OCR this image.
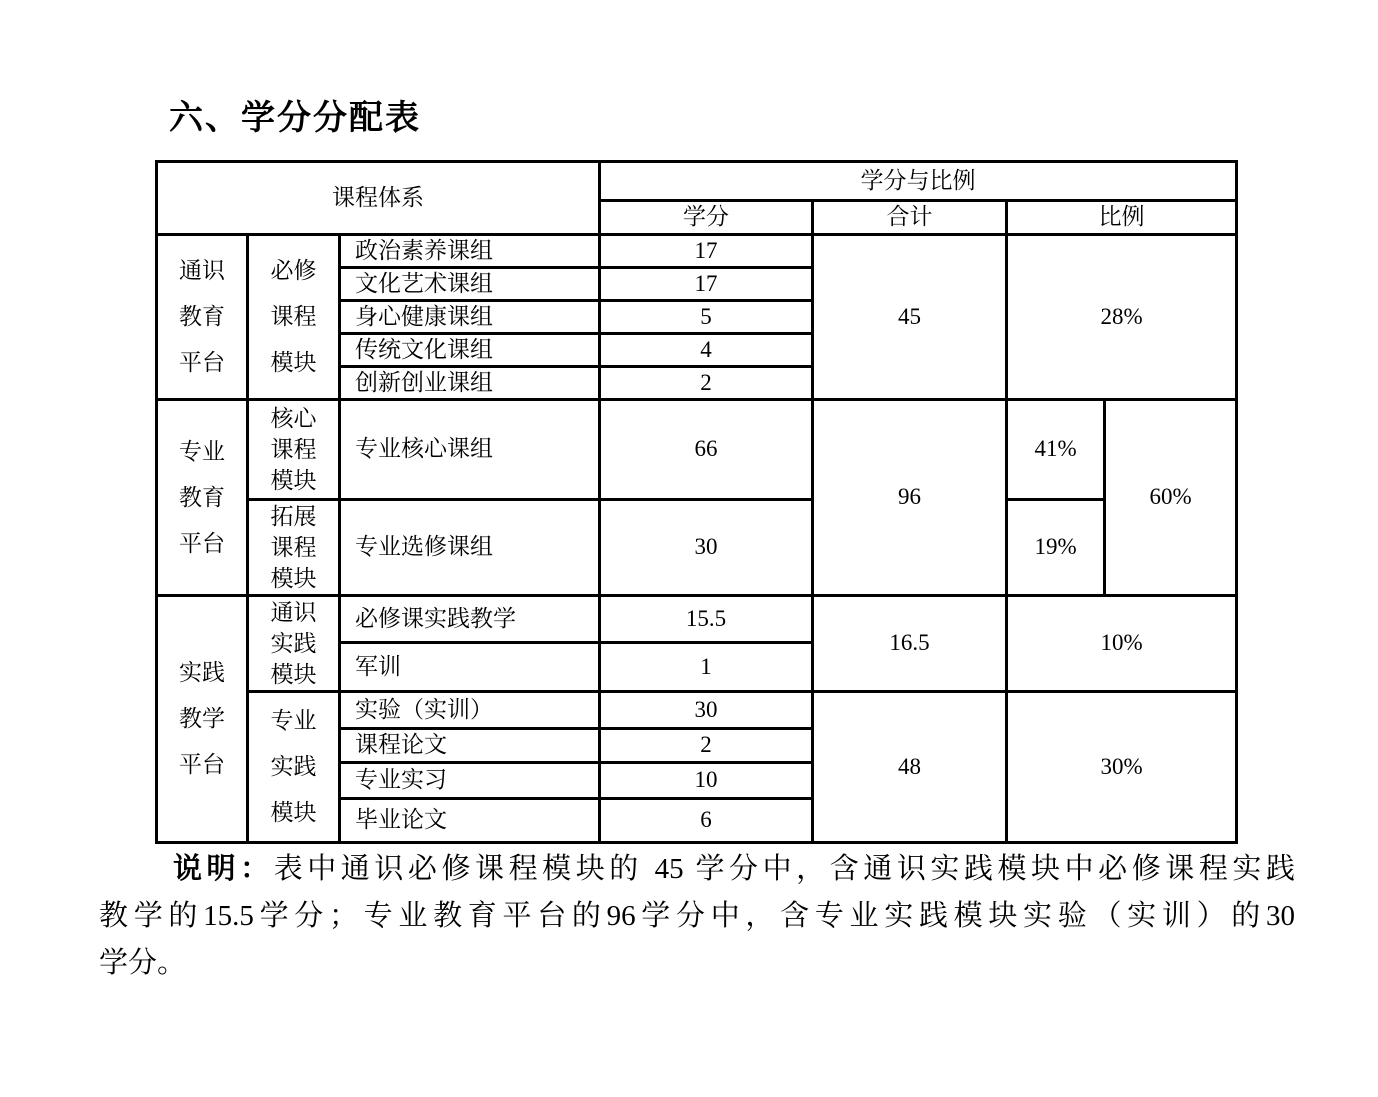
六、学分分配表
课程体系			学分与比例			
			学分	合计	比例	

通识教育平台	必修课程模块	政治素养课组	17	45	28%	
		文化艺术课组	17			
		身心健康课组	5			
		传统文化课组	4			
		创新创业课组	2			

专业教育平台	核心课程模块	专业核心课组	66	96	41%	60%

	拓展课程模块	专业选修课组	30		19%	

实践教学平台	通识实践模块	必修课实践教学	15.5	16.5	10%	
		军训	1			

	专业实践模块	实验（实训）	30	48	30%	
		课程论文	2			
		专业实习	10			
		毕业论文	6			

说明：表中通识必修课程模块的 45 学分中，含通识实践模块中必修课程实践

教学的15.5学分；专业教育平台的96学分中，含专业实践模块实验（实训）的30

学分。
